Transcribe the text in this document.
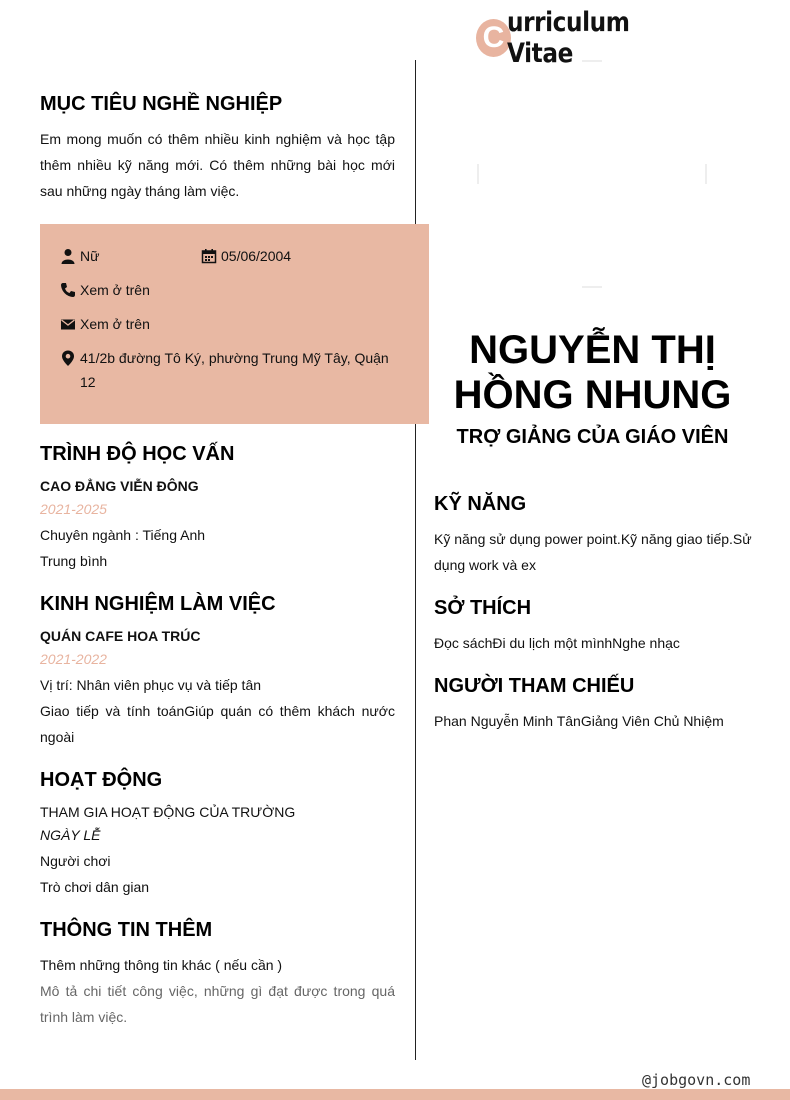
C urriculum Vitae
MỤC TIÊU NGHỀ NGHIỆP

Em mong muốn có thêm nhiều kinh nghiệm và học tập thêm nhiều kỹ năng mới. Có thêm những bài học mới sau những ngày tháng làm việc.

Nữ	05/06/2004
Xem ở trên
Xem ở trên
41/2b đường Tô Ký, phường Trung Mỹ Tây, Quận 12
TRÌNH ĐỘ HỌC VẤN

CAO ĐẲNG VIỄN ĐÔNG

2021-2025

Chuyên ngành : Tiếng Anh

Trung bình

KINH NGHIỆM LÀM VIỆC

QUÁN CAFE HOA TRÚC

2021-2022

Vị trí: Nhân viên phục vụ và tiếp tân

Giao tiếp và tính toánGiúp quán có thêm khách nước ngoài

HOẠT ĐỘNG

THAM GIA HOẠT ĐỘNG CỦA TRƯỜNG

NGÀY LỄ

Người chơi

Trò chơi dân gian

THÔNG TIN THÊM

Thêm những thông tin khác ( nếu cần )

Mô tả chi tiết công việc, những gì đạt được trong quá trình làm việc.

NGUYỄN THỊ HỒNG NHUNG
TRỢ GIẢNG CỦA GIÁO VIÊN
KỸ NĂNG

Kỹ năng sử dụng power point.Kỹ năng giao tiếp.Sử dụng work và ex

SỞ THÍCH

Đọc sáchĐi du lịch một mìnhNghe nhạc

NGƯỜI THAM CHIẾU

Phan Nguyễn Minh TânGiảng Viên Chủ Nhiệm

@jobgovn.com
